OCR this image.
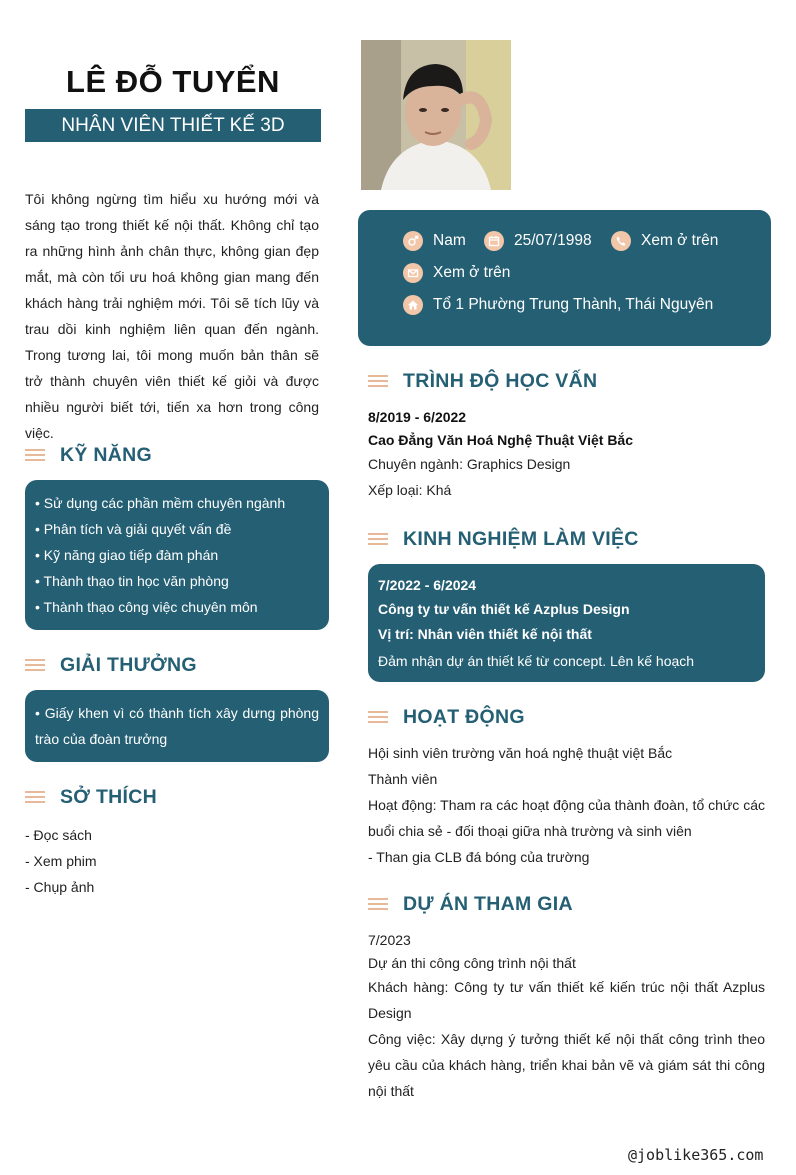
LÊ ĐỖ TUYỂN
NHÂN VIÊN THIẾT KẾ 3D
Tôi không ngừng tìm hiểu xu hướng mới và sáng tạo trong thiết kế nội thất. Không chỉ tạo ra những hình ảnh chân thực, không gian đẹp mắt, mà còn tối ưu hoá không gian mang đến khách hàng trải nghiệm mới. Tôi sẽ tích lũy và trau dồi kinh nghiệm liên quan đến ngành. Trong tương lai, tôi mong muốn bản thân sẽ trở thành chuyên viên thiết kế giỏi và được nhiều người biết tới, tiến xa hơn trong công việc.
KỸ NĂNG
• Sử dụng các phần mềm chuyên ngành
• Phân tích và giải quyết vấn đề
• Kỹ năng giao tiếp đàm phán
• Thành thạo tin học văn phòng
• Thành thạo công việc chuyên môn
GIẢI THƯỞNG
• Giấy khen vì có thành tích xây dưng phòng trào của đoàn trưởng
SỞ THÍCH
- Đọc sách
- Xem phim
- Chụp ảnh
Nam	25/07/1998	Xem ở trên
Xem ở trên
Tổ 1 Phường Trung Thành, Thái Nguyên
TRÌNH ĐỘ HỌC VẤN
8/2019 - 6/2022
Cao Đẳng Văn Hoá Nghệ Thuật Việt Bắc
Chuyên ngành: Graphics Design
Xếp loại: Khá
KINH NGHIỆM LÀM VIỆC
7/2022 - 6/2024
Công ty tư vấn thiết kế Azplus Design
Vị trí: Nhân viên thiết kế nội thất
Đảm nhận dự án thiết kế từ concept. Lên kế hoạch
HOẠT ĐỘNG
Hội sinh viên trường văn hoá nghệ thuật việt Bắc
Thành viên
Hoạt động: Tham ra các hoạt động của thành đoàn, tổ chức các buổi chia sẻ - đối thoại giữa nhà trường và sinh viên
- Than gia CLB đá bóng của trường
DỰ ÁN THAM GIA
7/2023
Dự án thi công công trình nội thất
Khách hàng: Công ty tư vấn thiết kế kiến trúc nội thất Azplus Design
Công việc: Xây dựng ý tưởng thiết kế nội thất công trình theo yêu cầu của khách hàng, triển khai bản vẽ và giám sát thi công nội thất
@joblike365.com
